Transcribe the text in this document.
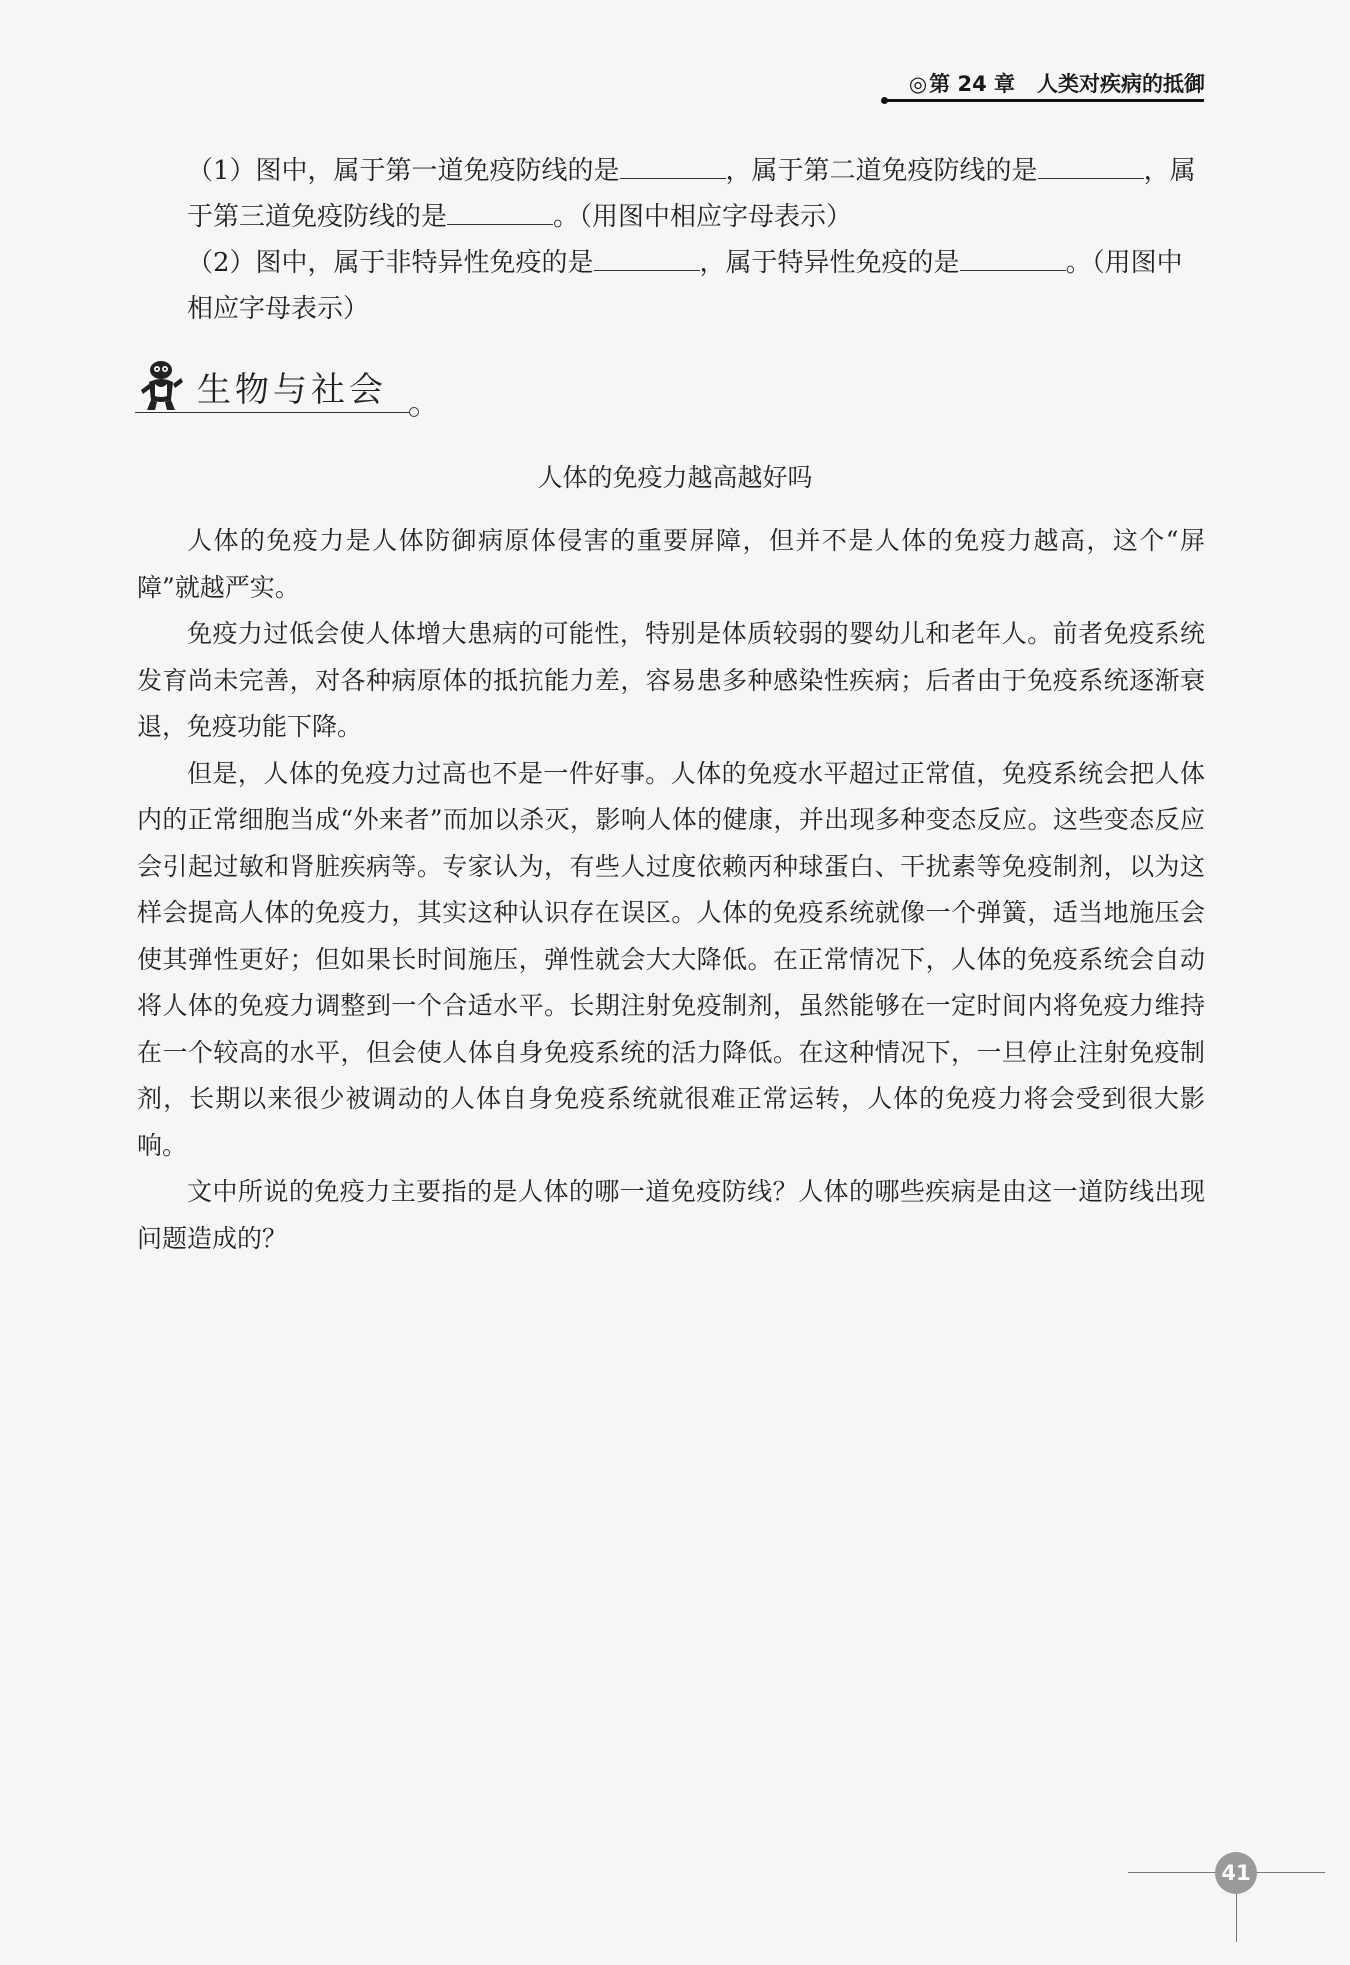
◎第 24 章 人类对疾病的抵御
（1）图中，属于第一道免疫防线的是	，属于第二道免疫防线的是	，属
于第三道免疫防线的是	。（用图中相应字母表示）
（2）图中，属于非特异性免疫的是	，属于特异性免疫的是	。（用图中
相应字母表示）
生物与社会
人体的免疫力越高越好吗

人体的免疫力是人体防御病原体侵害的重要屏障，但并不是人体的免疫力越高，这个“屏障”就越严实。

免疫力过低会使人体增大患病的可能性，特别是体质较弱的婴幼儿和老年人。前者免疫系统发育尚未完善，对各种病原体的抵抗能力差，容易患多种感染性疾病；后者由于免疫系统逐渐衰退，免疫功能下降。

但是，人体的免疫力过高也不是一件好事。人体的免疫水平超过正常值，免疫系统会把人体内的正常细胞当成“外来者”而加以杀灭，影响人体的健康，并出现多种变态反应。这些变态反应会引起过敏和肾脏疾病等。专家认为，有些人过度依赖丙种球蛋白、干扰素等免疫制剂，以为这样会提高人体的免疫力，其实这种认识存在误区。人体的免疫系统就像一个弹簧，适当地施压会使其弹性更好；但如果长时间施压，弹性就会大大降低。在正常情况下，人体的免疫系统会自动将人体的免疫力调整到一个合适水平。长期注射免疫制剂，虽然能够在一定时间内将免疫力维持在一个较高的水平，但会使人体自身免疫系统的活力降低。在这种情况下，一旦停止注射免疫制剂，长期以来很少被调动的人体自身免疫系统就很难正常运转，人体的免疫力将会受到很大影响。

文中所说的免疫力主要指的是人体的哪一道免疫防线？人体的哪些疾病是由这一道防线出现问题造成的？

41
